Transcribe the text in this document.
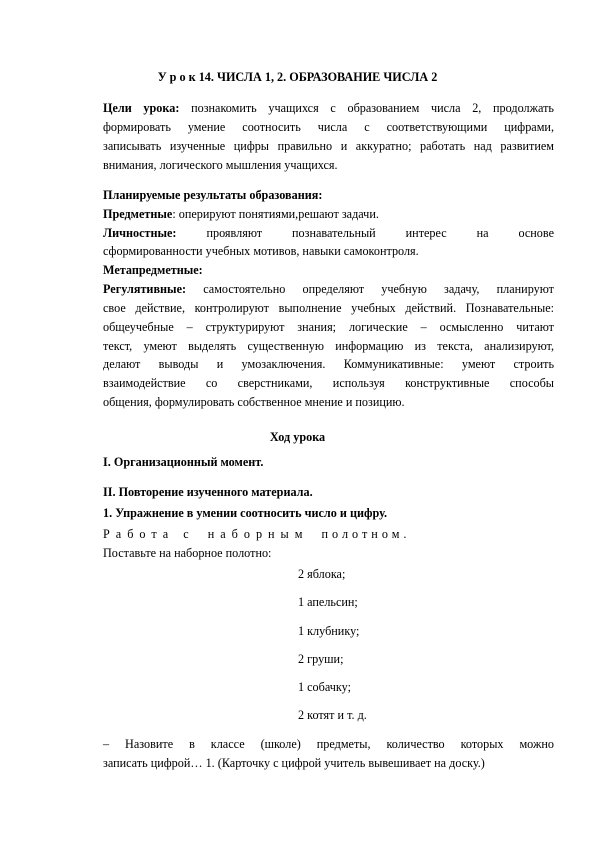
У р о к 14. ЧИСЛА 1, 2. ОБРАЗОВАНИЕ ЧИСЛА 2
Цели урока: познакомить учащихся с образованием числа 2, продолжать
формировать умение соотносить числа с соответствующими цифрами,
записывать изученные цифры правильно и аккуратно; работать над развитием
внимания, логического мышления учащихся.
Планируемые результаты образования:
Предметные: оперируют понятиями,решают задачи.
Личностные: проявляют познавательный интерес на основе
сформированности учебных мотивов, навыки самоконтроля.
Метапредметные:
Регулятивные: самостоятельно определяют учебную задачу, планируют
свое действие, контролируют выполнение учебных действий. Познавательные:
общеучебные – структурируют знания; логические – осмысленно читают
текст, умеют выделять существенную информацию из текста, анализируют,
делают выводы и умозаключения. Коммуникативные: умеют строить
взаимодействие со сверстниками, используя конструктивные способы
общения, формулировать собственное мнение и позицию.
Ход урока
I. Организационный момент.
II. Повторение изученного материала.
1. Упражнение в умении соотносить число и цифру.
Работа с наборным полотном.
Поставьте на наборное полотно:
2 яблока;
1 апельсин;
1 клубнику;
2 груши;
1 собачку;
2 котят и т. д.
– Назовите в классе (школе) предметы, количество которых можно
записать цифрой… 1. (Карточку с цифрой учитель вывешивает на доску.)
